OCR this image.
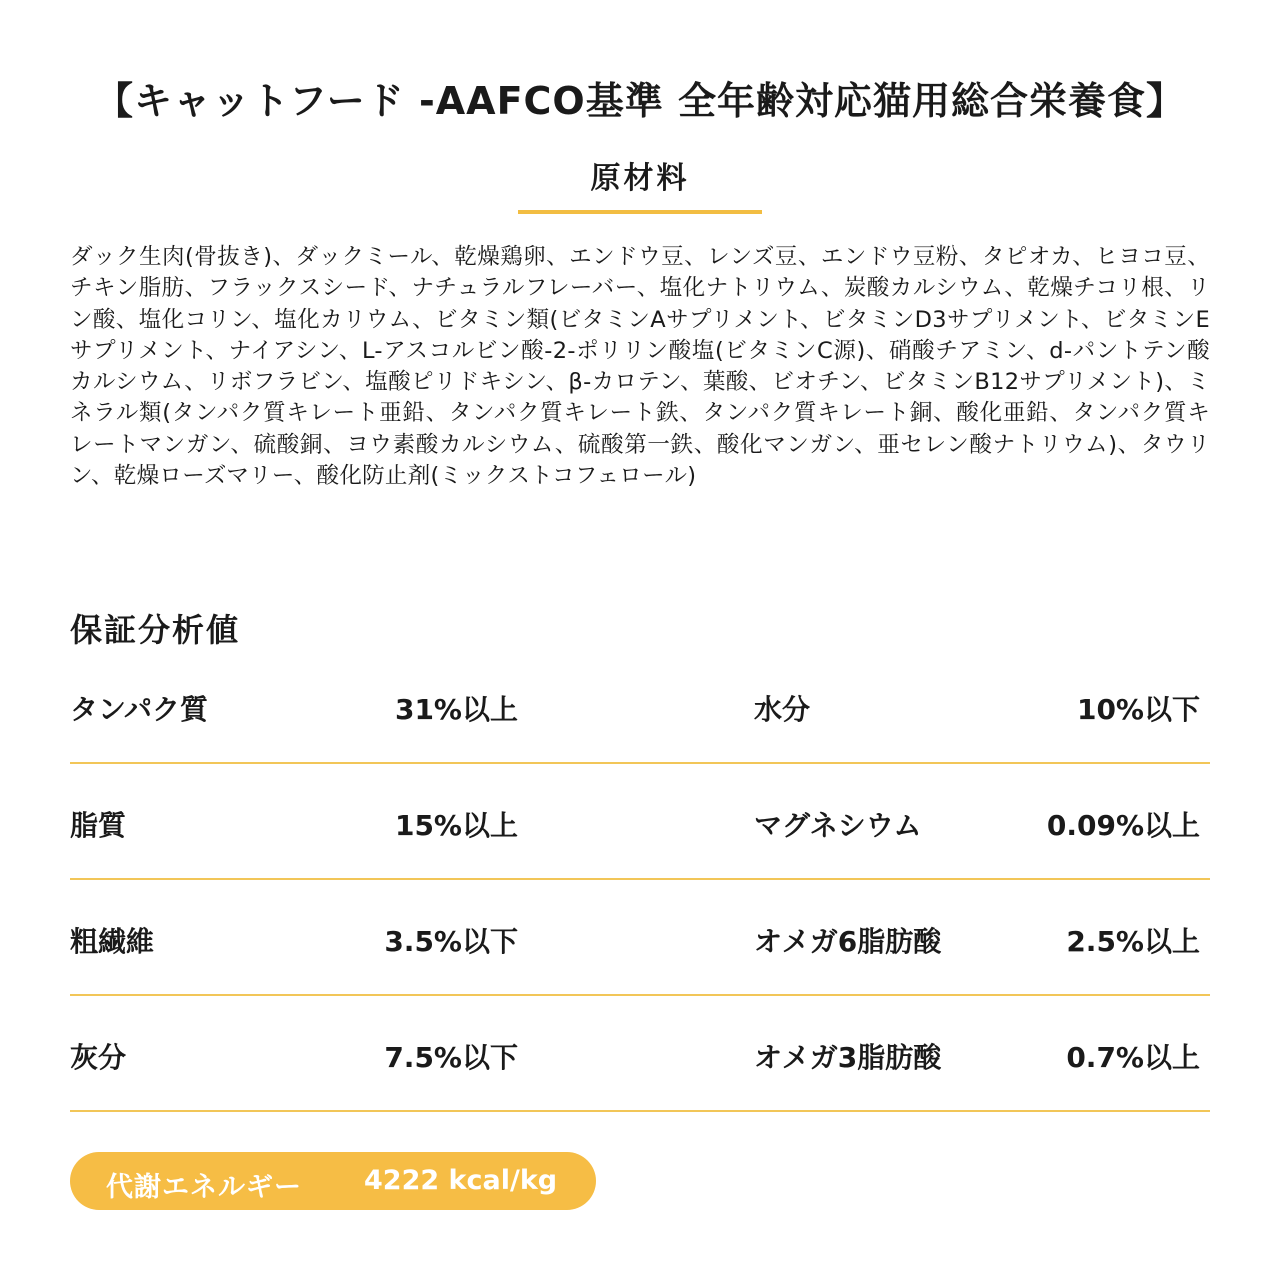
【キャットフード -AAFCO基準 全年齢対応猫用総合栄養食】
原材料
ダック生肉(骨抜き)、ダックミール、乾燥鶏卵、エンドウ豆、レンズ豆、エンドウ豆粉、タピオカ、ヒヨコ豆、チキン脂肪、フラックスシード、ナチュラルフレーバー、塩化ナトリウム、炭酸カルシウム、乾燥チコリ根、リン酸、塩化コリン、塩化カリウム、ビタミン類(ビタミンAサプリメント、ビタミンD3サプリメント、ビタミンEサプリメント、ナイアシン、L-アスコルビン酸-2-ポリリン酸塩(ビタミンC源)、硝酸チアミン、d-パントテン酸カルシウム、リボフラビン、塩酸ピリドキシン、β-カロテン、葉酸、ビオチン、ビタミンB12サプリメント)、ミネラル類(タンパク質キレート亜鉛、タンパク質キレート鉄、タンパク質キレート銅、酸化亜鉛、タンパク質キレートマンガン、硫酸銅、ヨウ素酸カルシウム、硫酸第一鉄、酸化マンガン、亜セレン酸ナトリウム)、タウリン、乾燥ローズマリー、酸化防止剤(ミックストコフェロール)
保証分析値
タンパク質	31%以上	水分	10%以下
脂質	15%以上	マグネシウム	0.09%以上
粗繊維	3.5%以下	オメガ6脂肪酸	2.5%以上
灰分	7.5%以下	オメガ3脂肪酸	0.7%以上
代謝エネルギー 4222 kcal/kg
